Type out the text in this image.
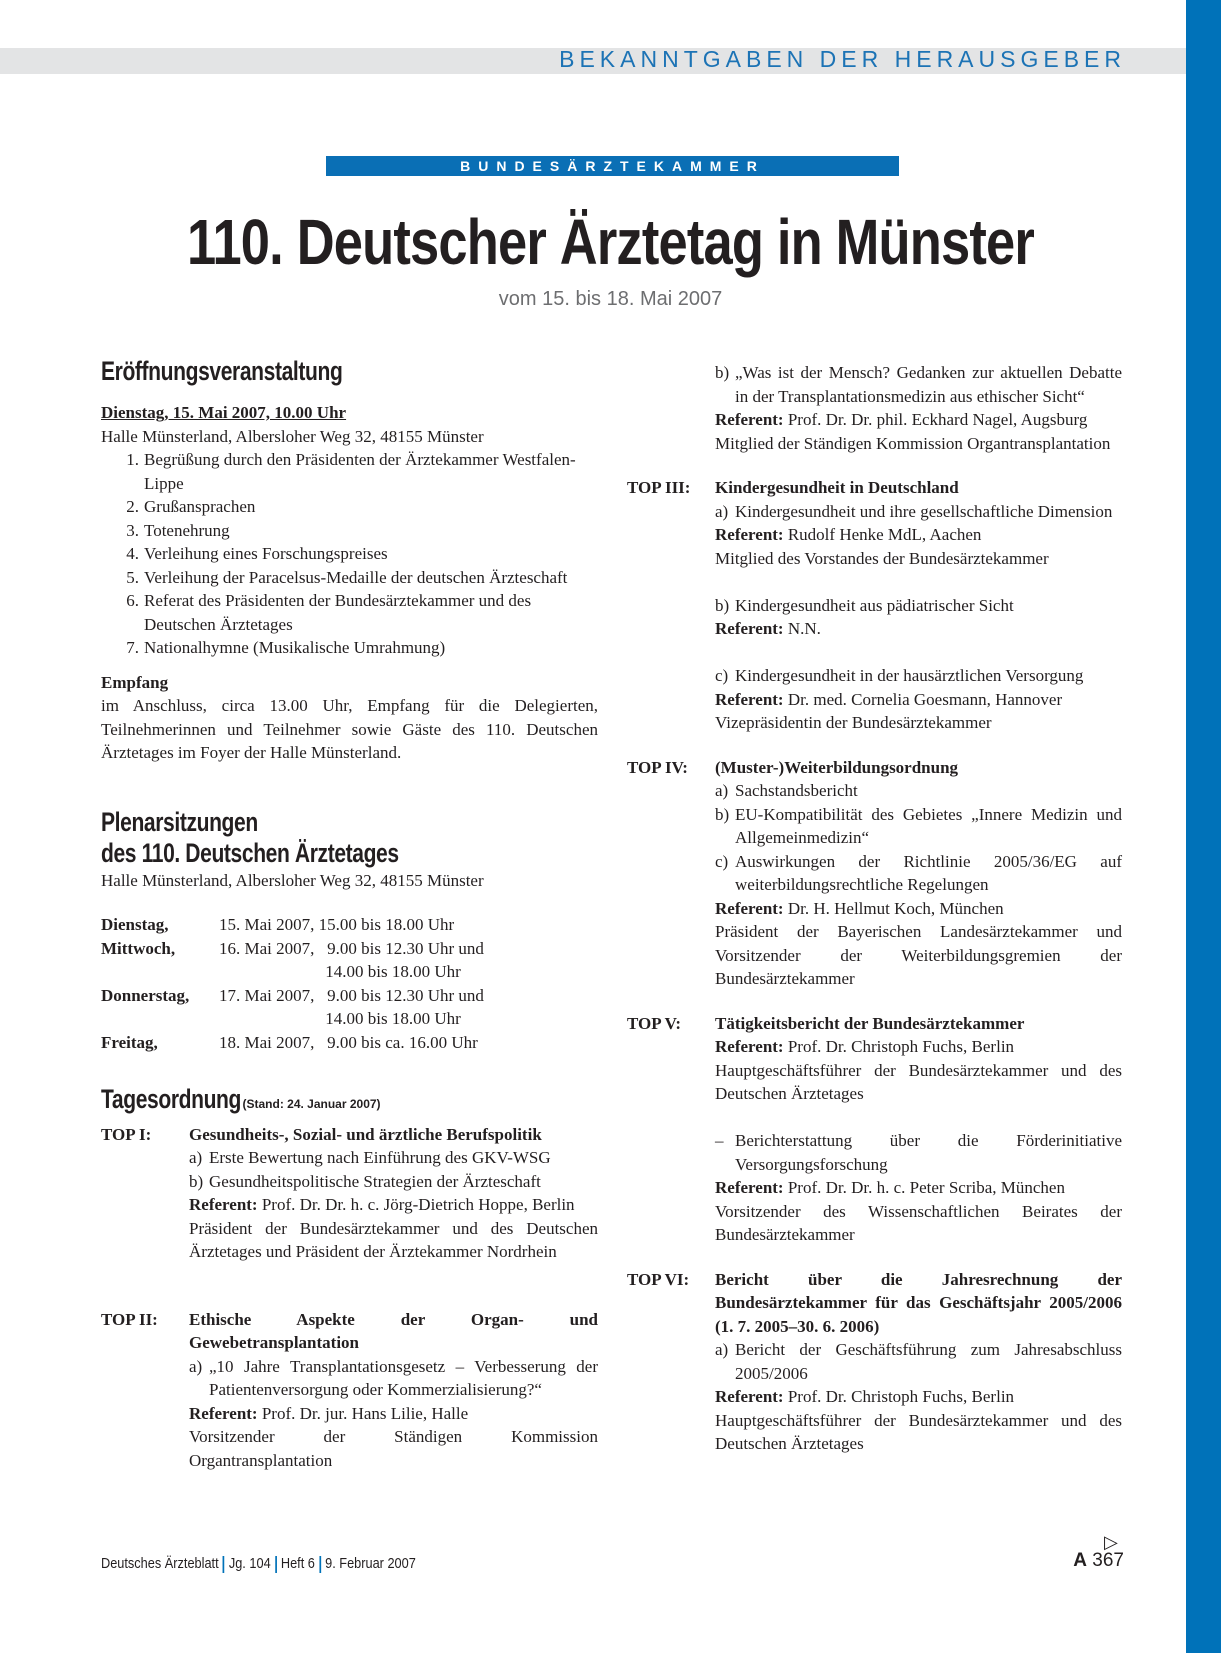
BEKANNTGABEN DER HERAUSGEBER
BUNDESÄRZTEKAMMER
110. Deutscher Ärztetag in Münster
vom 15. bis 18. Mai 2007
Eröffnungsveranstaltung
Dienstag, 15. Mai 2007, 10.00 Uhr
Halle Münsterland, Albersloher Weg 32, 48155 Münster
1. Begrüßung durch den Präsidenten der Ärztekammer Westfalen-Lippe
2. Grußansprachen
3. Totenehrung
4. Verleihung eines Forschungspreises
5. Verleihung der Paracelsus-Medaille der deutschen Ärzteschaft
6. Referat des Präsidenten der Bundesärztekammer und des Deutschen Ärztetages
7. Nationalhymne (Musikalische Umrahmung)
Empfang
im Anschluss, circa 13.00 Uhr, Empfang für die Delegierten, Teilnehmerinnen und Teilnehmer sowie Gäste des 110. Deutschen Ärztetages im Foyer der Halle Münsterland.
Plenarsitzungen
des 110. Deutschen Ärztetages
Halle Münsterland, Albersloher Weg 32, 48155 Münster
Dienstag,	15. Mai 2007, 15.00 bis 18.00 Uhr
Mittwoch,	16. Mai 2007,   9.00 bis 12.30 Uhr und
14.00 bis 18.00 Uhr
Donnerstag,	17. Mai 2007,   9.00 bis 12.30 Uhr und
14.00 bis 18.00 Uhr
Freitag,	18. Mai 2007,   9.00 bis ca. 16.00 Uhr
Tagesordnung(Stand: 24. Januar 2007)
TOP I:	Gesundheits-, Sozial- und ärztliche Berufspolitik
a) Erste Bewertung nach Einführung des GKV-WSG
b) Gesundheitspolitische Strategien der Ärzteschaft
Referent: Prof. Dr. Dr. h. c. Jörg-Dietrich Hoppe, Berlin
Präsident der Bundesärztekammer und des Deutschen Ärztetages und Präsident der Ärztekammer Nordrhein
TOP II:	Ethische Aspekte der Organ- und Gewebetransplantation
a) „10 Jahre Transplantationsgesetz – Verbesserung der Patientenversorgung oder Kommerzialisierung?“
Referent: Prof. Dr. jur. Hans Lilie, Halle
Vorsitzender der Ständigen Kommission Organtransplantation
b) „Was ist der Mensch? Gedanken zur aktuellen Debatte in der Transplantationsmedizin aus ethischer Sicht“
Referent: Prof. Dr. Dr. phil. Eckhard Nagel, Augsburg
Mitglied der Ständigen Kommission Organtransplantation
TOP III:	Kindergesundheit in Deutschland
a) Kindergesundheit und ihre gesellschaftliche Dimension
Referent: Rudolf Henke MdL, Aachen
Mitglied des Vorstandes der Bundesärztekammer
b) Kindergesundheit aus pädiatrischer Sicht
Referent: N.N.
c) Kindergesundheit in der hausärztlichen Versorgung
Referent: Dr. med. Cornelia Goesmann, Hannover
Vizepräsidentin der Bundesärztekammer
TOP IV:	(Muster-)Weiterbildungsordnung
a) Sachstandsbericht
b) EU-Kompatibilität des Gebietes „Innere Medizin und Allgemeinmedizin“
c) Auswirkungen der Richtlinie 2005/36/EG auf weiterbildungsrechtliche Regelungen
Referent: Dr. H. Hellmut Koch, München
Präsident der Bayerischen Landesärztekammer und Vorsitzender der Weiterbildungsgremien der Bundesärztekammer
TOP V:	Tätigkeitsbericht der Bundesärztekammer
Referent: Prof. Dr. Christoph Fuchs, Berlin
Hauptgeschäftsführer der Bundesärztekammer und des Deutschen Ärztetages
– Berichterstattung über die Förderinitiative Versorgungsforschung
Referent: Prof. Dr. Dr. h. c. Peter Scriba, München
Vorsitzender des Wissenschaftlichen Beirates der Bundesärztekammer
TOP VI:	Bericht über die Jahresrechnung der Bundesärztekammer für das Geschäftsjahr 2005/2006 (1. 7. 2005–30. 6. 2006)
a) Bericht der Geschäftsführung zum Jahresabschluss 2005/2006
Referent: Prof. Dr. Christoph Fuchs, Berlin
Hauptgeschäftsführer der Bundesärztekammer und des Deutschen Ärztetages
▷
Deutsches Ärzteblatt Jg. 104 Heft 6 9. Februar 2007	A 367
